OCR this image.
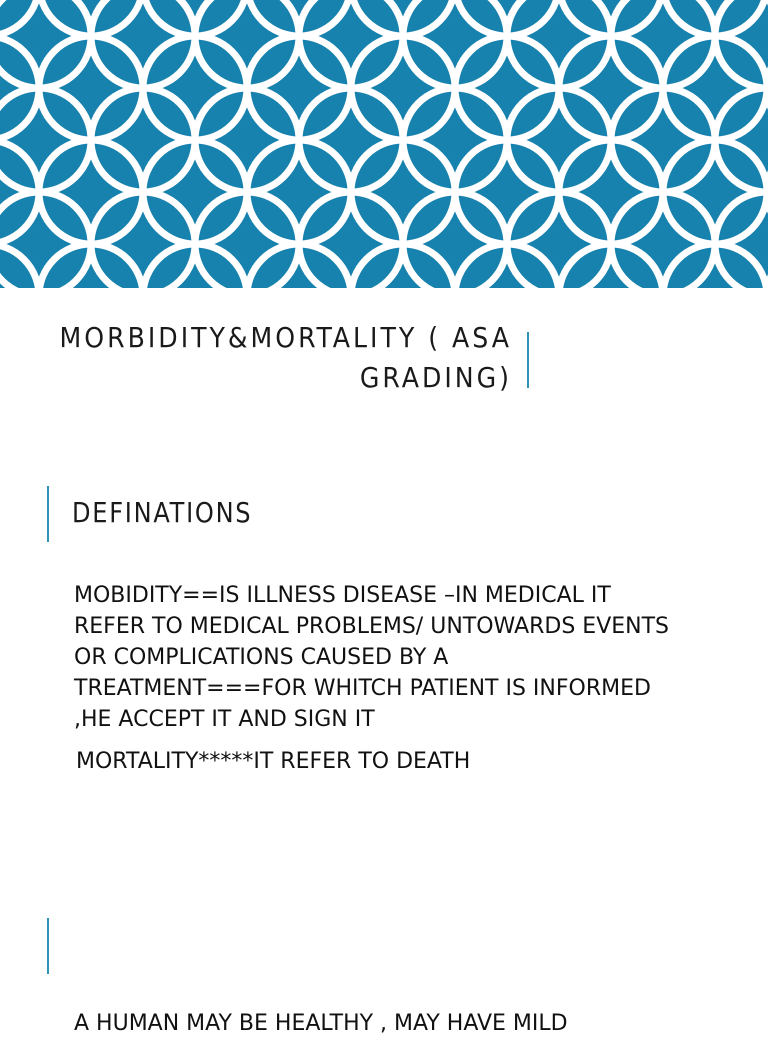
MORBIDITY&MORTALITY ( ASA
GRADING)
DEFINATIONS
MOBIDITY==IS ILLNESS DISEASE –IN MEDICAL IT REFER TO MEDICAL PROBLEMS/ UNTOWARDS EVENTS OR COMPLICATIONS CAUSED BY A TREATMENT===FOR WHITCH PATIENT IS INFORMED ,HE ACCEPT IT AND SIGN IT
MORTALITY*****IT REFER TO DEATH
A HUMAN MAY BE HEALTHY , MAY HAVE MILD
